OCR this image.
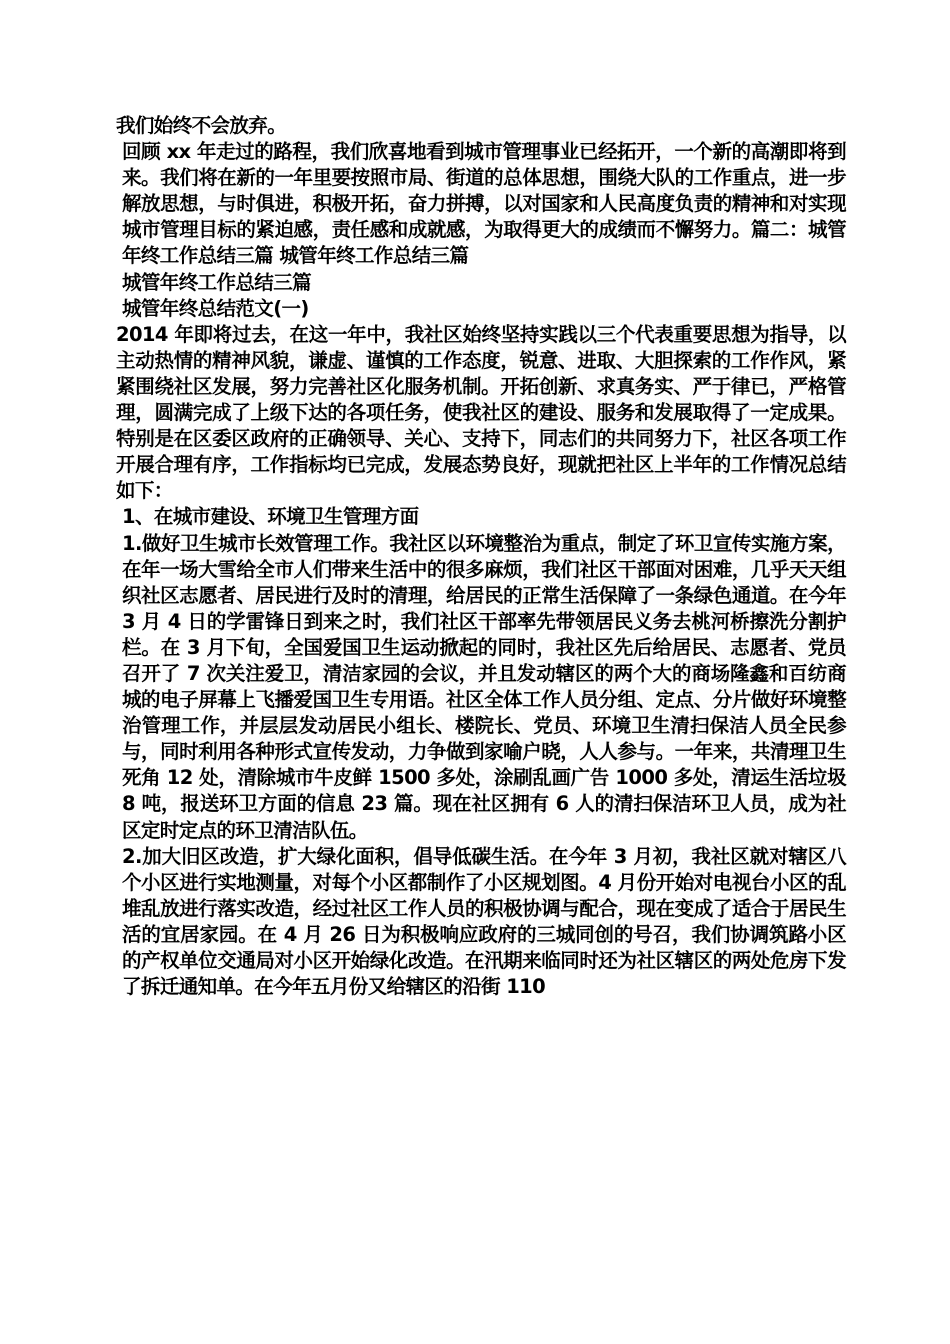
我们始终不会放弃。

回顾 xx 年走过的路程，我们欣喜地看到城市管理事业已经拓开，一个新的高潮即将到来。我们将在新的一年里要按照市局、街道的总体思想，围绕大队的工作重点，进一步解放思想，与时俱进，积极开拓，奋力拼搏，以对国家和人民高度负责的精神和对实现城市管理目标的紧迫感，责任感和成就感，为取得更大的成绩而不懈努力。篇二：城管年终工作总结三篇 城管年终工作总结三篇

城管年终工作总结三篇

城管年终总结范文(一)

2014 年即将过去，在这一年中，我社区始终坚持实践以三个代表重要思想为指导，以主动热情的精神风貌，谦虚、谨慎的工作态度，锐意、进取、大胆探索的工作作风，紧紧围绕社区发展，努力完善社区化服务机制。开拓创新、求真务实、严于律已，严格管理，圆满完成了上级下达的各项任务，使我社区的建设、服务和发展取得了一定成果。特别是在区委区政府的正确领导、关心、支持下，同志们的共同努力下，社区各项工作开展合理有序，工作指标均已完成，发展态势良好，现就把社区上半年的工作情况总结如下：

1、在城市建设、环境卫生管理方面

1.做好卫生城市长效管理工作。我社区以环境整治为重点，制定了环卫宣传实施方案，在年一场大雪给全市人们带来生活中的很多麻烦，我们社区干部面对困难，几乎天天组织社区志愿者、居民进行及时的清理，给居民的正常生活保障了一条绿色通道。在今年 3 月 4 日的学雷锋日到来之时，我们社区干部率先带领居民义务去桃河桥擦洗分割护栏。在 3 月下旬，全国爱国卫生运动掀起的同时，我社区先后给居民、志愿者、党员召开了 7 次关注爱卫，清洁家园的会议，并且发动辖区的两个大的商场隆鑫和百纺商城的电子屏幕上飞播爱国卫生专用语。社区全体工作人员分组、定点、分片做好环境整治管理工作，并层层发动居民小组长、楼院长、党员、环境卫生清扫保洁人员全民参与，同时利用各种形式宣传发动，力争做到家喻户晓，人人参与。一年来，共清理卫生死角 12 处，清除城市牛皮鲜 1500 多处，涂刷乱画广告 1000 多处，清运生活垃圾 8 吨，报送环卫方面的信息 23 篇。现在社区拥有 6 人的清扫保洁环卫人员，成为社区定时定点的环卫清洁队伍。

2.加大旧区改造，扩大绿化面积，倡导低碳生活。在今年 3 月初，我社区就对辖区八个小区进行实地测量，对每个小区都制作了小区规划图。4 月份开始对电视台小区的乱堆乱放进行落实改造，经过社区工作人员的积极协调与配合，现在变成了适合于居民生活的宜居家园。在 4 月 26 日为积极响应政府的三城同创的号召，我们协调筑路小区的产权单位交通局对小区开始绿化改造。在汛期来临同时还为社区辖区的两处危房下发了拆迁通知单。在今年五月份又给辖区的沿街 110
